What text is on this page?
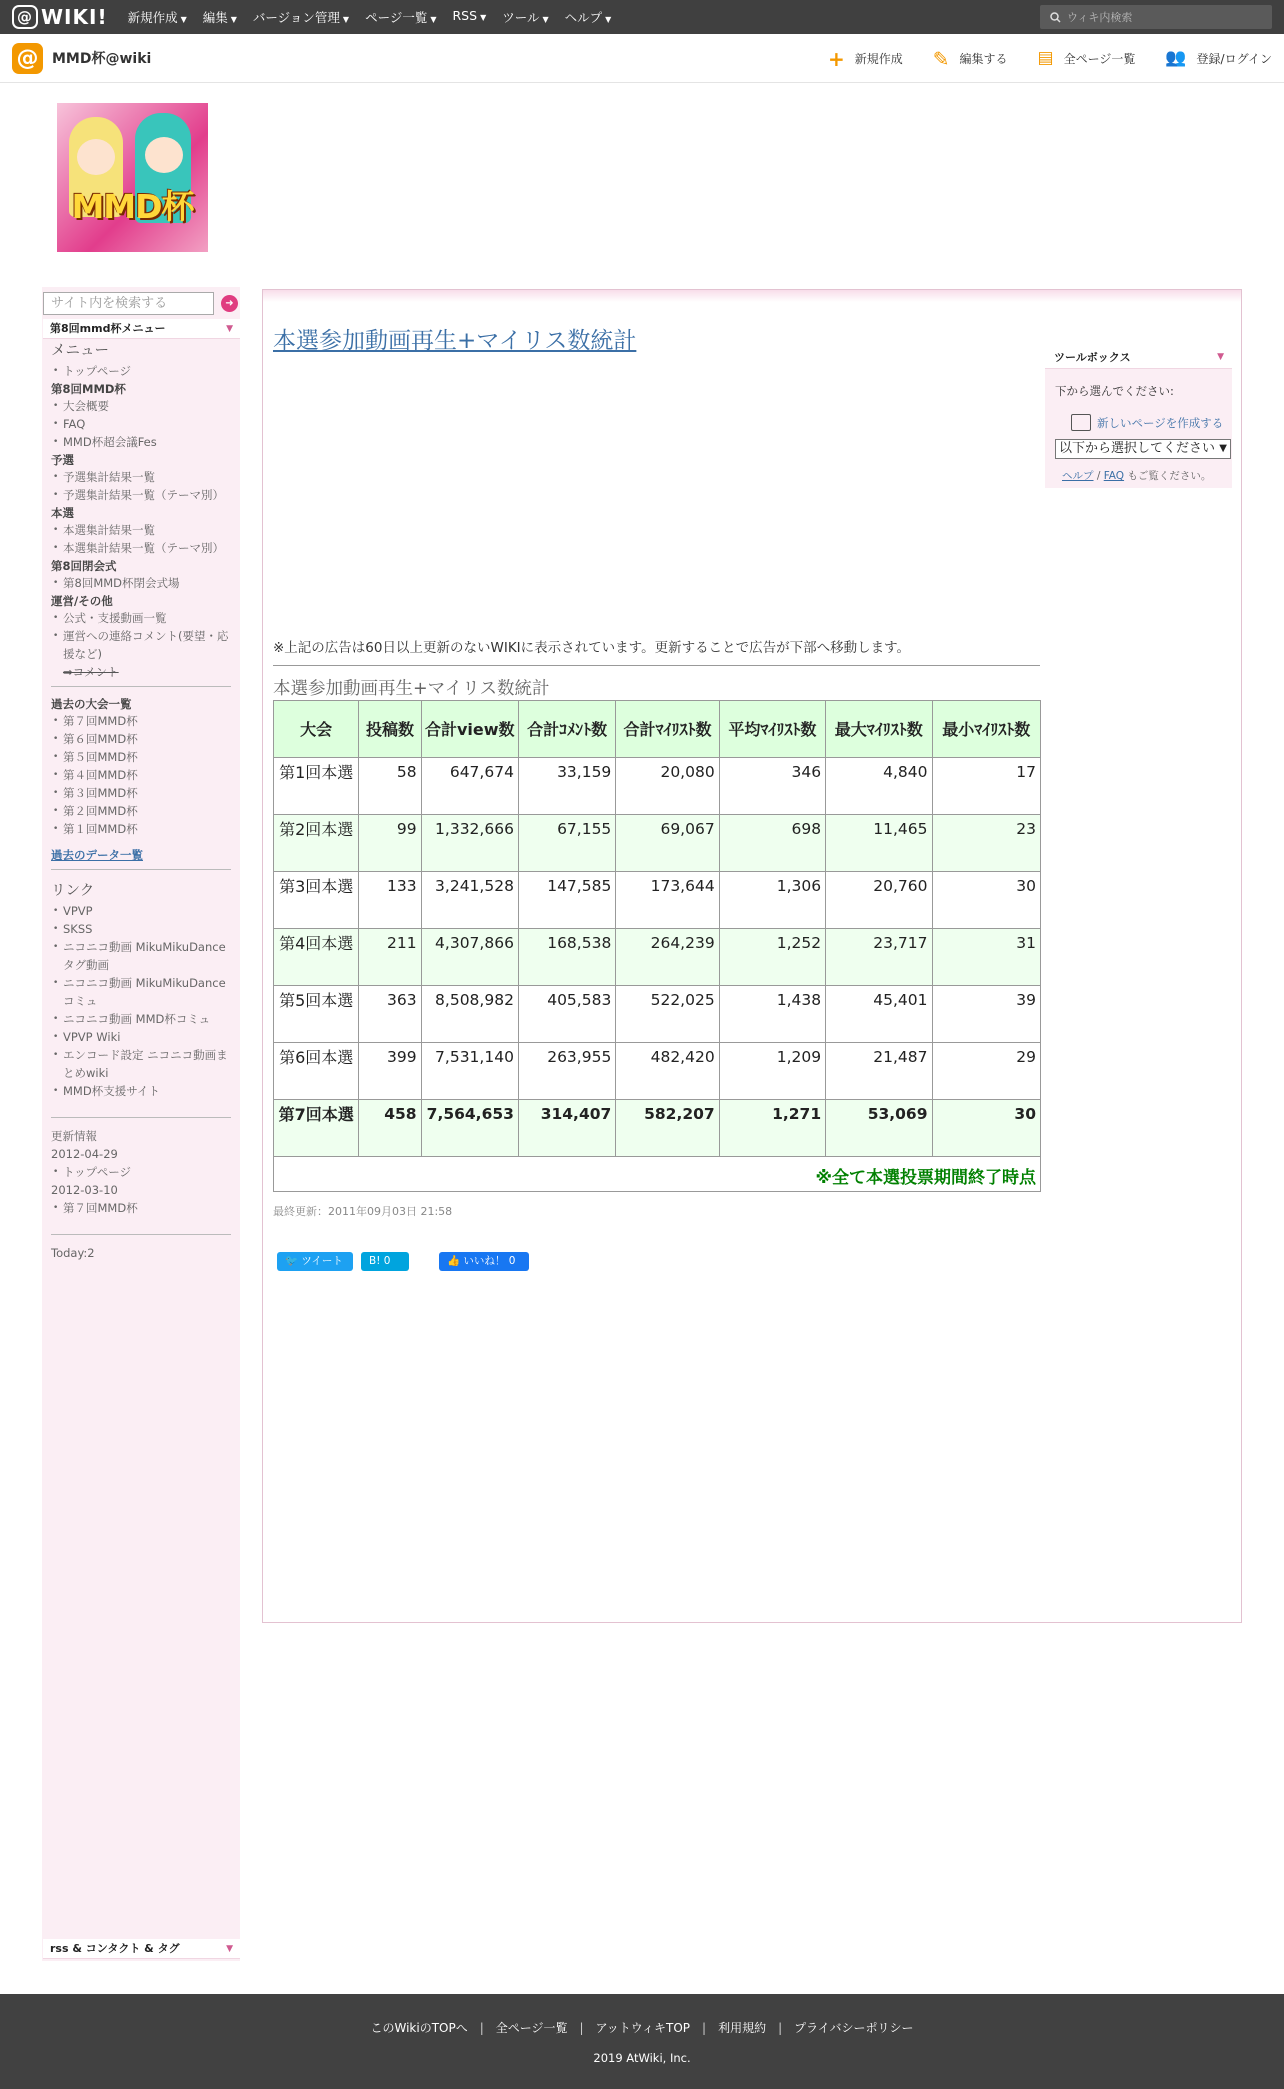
@ WIKI! 新規作成 ▼ 編集 ▼ バージョン管理 ▼ ページ一覧 ▼ RSS ▼ ツール ▼ ヘルプ ▼	ウィキ内検索
@ MMD杯@wiki	+ 新規作成 ✎ 編集する ▤ 全ページ一覧 👥 登録/ログイン
MMD杯
サイト内を検索する	➜
第8回mmd杯メニュー	▼
メニュー
• トップページ
第8回MMD杯
• 大会概要
• FAQ
• MMD杯超会議Fes
予選
• 予選集計結果一覧
• 予選集計結果一覧（テーマ別）
本選
• 本選集計結果一覧
• 本選集計結果一覧（テーマ別）
第8回閉会式
• 第8回MMD杯閉会式場
運営/その他
• 公式・支援動画一覧
• 運営への連絡コメント(要望・応援など)
⇒コメント
過去の大会一覧
• 第７回MMD杯
• 第６回MMD杯
• 第５回MMD杯
• 第４回MMD杯
• 第３回MMD杯
• 第２回MMD杯
• 第１回MMD杯
過去のデータ一覧
リンク
• VPVP
• SKSS
• ニコニコ動画 MikuMikuDanceタグ動画
• ニコニコ動画 MikuMikuDanceコミュ
• ニコニコ動画 MMD杯コミュ
• VPVP Wiki
• エンコード設定 ニコニコ動画まとめwiki
• MMD杯支援サイト
更新情報
2012-04-29
• トップページ
2012-03-10
• 第７回MMD杯
Today:2
rss & コンタクト & タグ	▼
本選参加動画再生+マイリス数統計
※上記の広告は60日以上更新のないWIKIに表示されています。更新することで広告が下部へ移動します。
本選参加動画再生+マイリス数統計
大会	投稿数	合計view数	合計ｺﾒﾝﾄ数	合計ﾏｲﾘｽﾄ数	平均ﾏｲﾘｽﾄ数	最大ﾏｲﾘｽﾄ数	最小ﾏｲﾘｽﾄ数
第1回本選	58	647,674	33,159	20,080	346	4,840	17
第2回本選	99	1,332,666	67,155	69,067	698	11,465	23
第3回本選	133	3,241,528	147,585	173,644	1,306	20,760	30
第4回本選	211	4,307,866	168,538	264,239	1,252	23,717	31
第5回本選	363	8,508,982	405,583	522,025	1,438	45,401	39
第6回本選	399	7,531,140	263,955	482,420	1,209	21,487	29
第7回本選	458	7,564,653	314,407	582,207	1,271	53,069	30
※全て本選投票期間終了時点							
最終更新：2011年09月03日 21:58
🐦 ツイート	B! 0	👍 いいね！ 0
ツールボックス	▼
下から選んでください:
新しいページを作成する
以下から選択してください ▼
ヘルプ / FAQ もご覧ください。
このWikiのTOPへ | 全ページ一覧 | アットウィキTOP | 利用規約 | プライバシーポリシー
2019 AtWiki, Inc.
